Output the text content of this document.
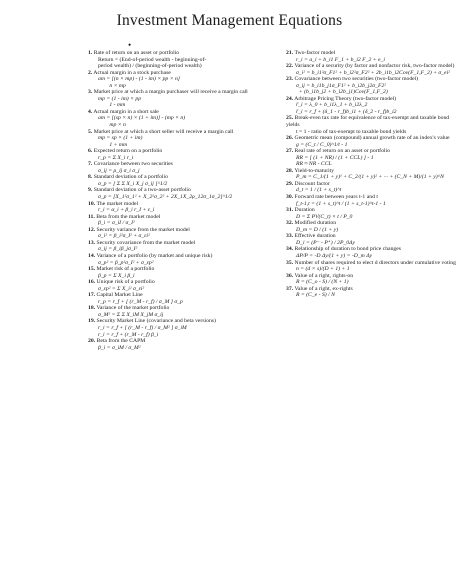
Investment Management Equations
•
1. Rate of return on an asset or portfolio
Return = (End-of-period wealth - beginning-of-
period wealth) / (beginning-of-period wealth)
2. Actual margin in a stock purchase
am = [(n × mp) - (1 - im) × pp × n]
n × mp
3. Market price at which a margin purchaser will receive a margin call
mp = (1 - im) × pp
1 - mm
4. Actual margin in a short sale
am = [(sp × n) × (1 + im)] - (mp × n)
mp × n
5. Market price at which a short seller will receive a margin call
mp = sp × (1 + im)
1 + mm
6. Expected return on a portfolio
r_p = Σ X_i r_i
7. Covariance between two securities
σ_ij = ρ_ij σ_i σ_j
8. Standard deviation of a portfolio
σ_p = [ Σ Σ X_i X_j σ_ij ]^1/2
9. Standard deviation of a two-asset portfolio
σ_p = [X_1²σ_1² + X_2²σ_2² + 2X_1X_2ρ_12σ_1σ_2]^1/2
10. The market model
r_i = α_i + β_i r_I + ε_i
11. Beta from the market model
β_i = σ_iI / σ_I²
12. Security variance from the market model
σ_i² = β_i²σ_I² + σ_εi²
13. Security covariance from the market model
σ_ij = β_iβ_jσ_I²
14. Variance of a portfolio (by market and unique risk)
σ_p² = β_p²σ_I² + σ_εp²
15. Market risk of a portfolio
β_p = Σ X_i β_i
16. Unique risk of a portfolio
σ_εp² = Σ X_i² σ_εi²
17. Capital Market Line
r_p = r_f + [ (r_M - r_f) / σ_M ] σ_p
18. Variance of the market portfolio
σ_M² = Σ Σ X_iM X_jM σ_ij
19. Security Market Line (covariance and beta versions)
r_i = r_f + [ (r_M - r_f) / σ_M² ] σ_iM
r_i = r_f + (r_M - r_f) β_i
20. Beta from the CAPM
β_i = σ_iM / σ_M²
21. Two-factor model
r_i = a_i + b_i1 F_1 + b_i2 F_2 + e_i
22. Variance of a security (by factor and nonfactor risk, two-factor model)
σ_i² = b_i1²σ_F1² + b_i2²σ_F2² + 2b_i1b_i2Cov(F_1,F_2) + σ_ei²
23. Covariance between two securities (two-factor model)
σ_ij = b_i1b_j1σ_F1² + b_i2b_j2σ_F2²
+ (b_i1b_j2 + b_i2b_j1)Cov(F_1,F_2)
24. Arbitrage Pricing Theory (two-factor model)
r̄_i = λ_0 + b_i1λ_1 + b_i2λ_2
r̄_i = r_f + (δ_1 - r_f)b_i1 + (δ_2 - r_f)b_i2
25. Break-even tax rate for equivalence of tax-exempt and taxable bond yields
t = 1 - ratio of tax-exempt to taxable bond yields
26. Geometric mean (compound) annual growth rate of an index's value
g = (C_t / C_0)^1/t - 1
27. Real rate of return on an asset or portfolio
RR = [ (1 + NR) / (1 + CCL) ] - 1
RR ≈ NR - CCL
28. Yield-to-maturity
P_m = C_1/(1 + y)¹ + C_2/(1 + y)² + ··· + (C_N + M)/(1 + y)^N
29. Discount factor
d_t = 1 / (1 + s_t)^t
30. Forward rate between years t-1 and t
f_t-1,t = (1 + s_t)^t / (1 + s_t-1)^t-1 - 1
31. Duration
D = Σ PV(C_t) × t / P_0
32. Modified duration
D_m = D / (1 + y)
33. Effective duration
D_i = (P⁻ - P⁺) / 2P_0Δy
34. Relationship of duration to bond price changes
ΔP/P = -D Δy/(1 + y) = -D_m Δy
35. Number of shares required to elect d directors under cumulative voting
n = (d × s)/(D + 1) + 1
36. Value of a right, rights-on
R = (C_o - S) / (N + 1)
37. Value of a right, ex-rights
R = (C_e - S) / N
